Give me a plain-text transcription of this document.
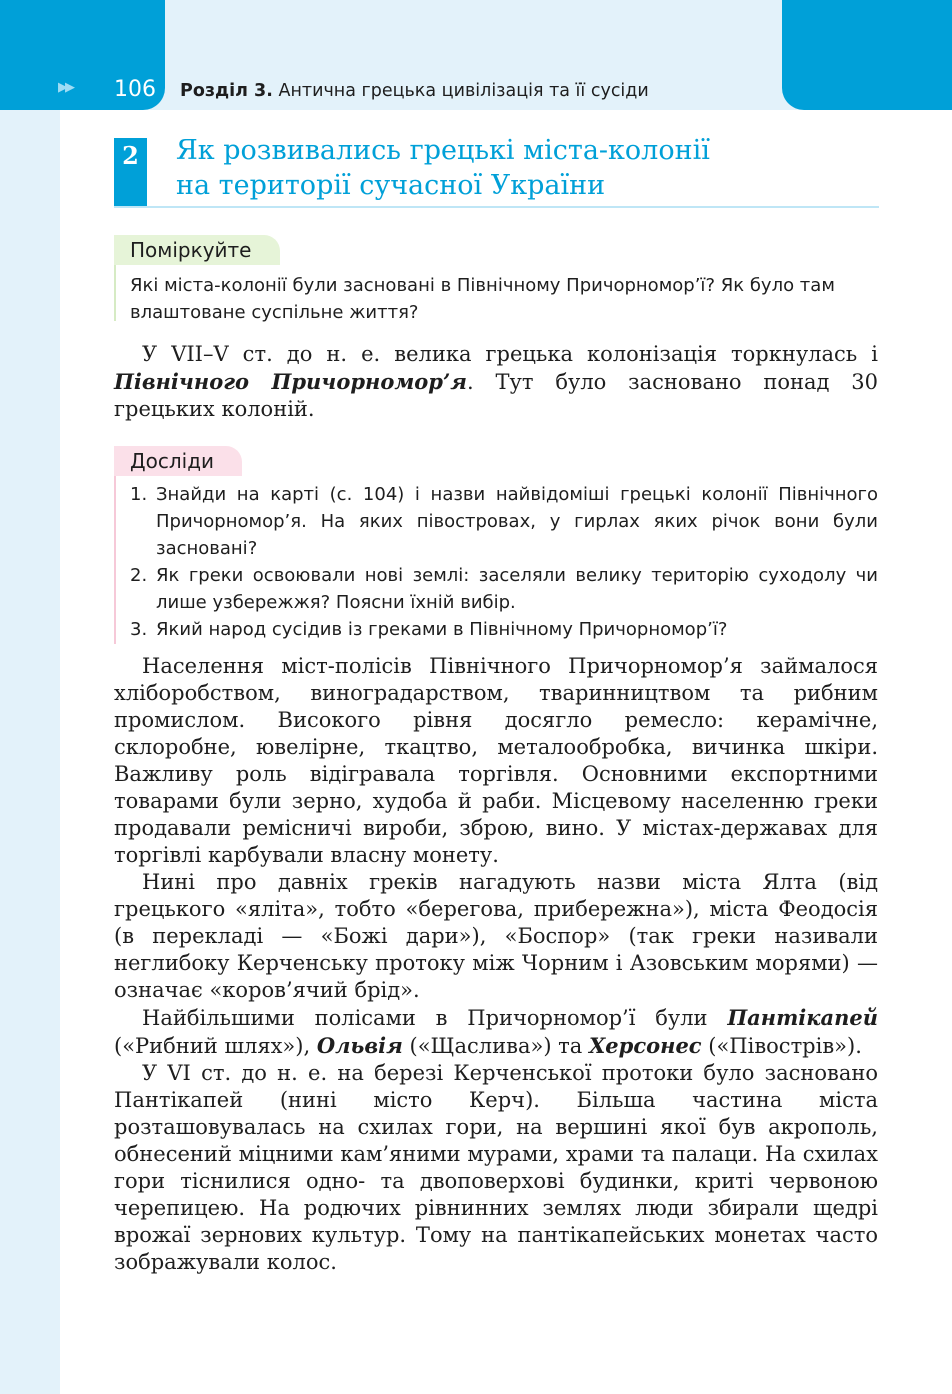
▶▶ 106 Розділ 3. Антична грецька цивілізація та її сусіди
2	Як розвивались грецькі міста-колонії
на території сучасної України
Поміркуйте
Які міста-колонії були засновані в Північному Причорномор’ї? Як було там влаштоване суспільне життя?

У VII–V ст. до н. е. велика грецька колонізація торкнулась і Північного Причорномор’я. Тут було засновано понад 30 грецьких колоній.

Досліди
1. Знайди на карті (с. 104) і назви найвідоміші грецькі колонії Північного Причорномор’я. На яких півостровах, у гирлах яких річок вони були засновані?
2. Як греки освоювали нові землі: заселяли велику територію суходолу чи лише узбережжя? Поясни їхній вибір.
3. Який народ сусідив із греками в Північному Причорномор’ї?

Населення міст-полісів Північного Причорномор’я займалося хліборобством, виноградарством, тваринництвом та рибним промислом. Високого рівня досягло ремесло: керамічне, склоробне, ювелірне, ткацтво, металообробка, вичинка шкіри. Важливу роль відігравала торгівля. Основними експортними товарами були зерно, худоба й раби. Місцевому населенню греки продавали ремісничі вироби, зброю, вино. У містах-державах для торгівлі карбували власну монету.

Нині про давніх греків нагадують назви міста Ялта (від грецького «яліта», тобто «берегова, прибережна»), міста Феодосія (в перекладі — «Божі дари»), «Боспор» (так греки називали неглибоку Керченську протоку між Чорним і Азовським морями) — означає «коров’ячий брід».

Найбільшими полісами в Причорномор’ї були Пантікапей («Рибний шлях»), Ольвія («Щаслива») та Херсонес («Півострів»).

У VI ст. до н. е. на березі Керченської протоки було засновано Пантікапей (нині місто Керч). Більша частина міста розташовувалась на схилах гори, на вершині якої був акрополь, обнесений міцними кам’яними мурами, храми та палаци. На схилах гори тіснилися одно- та двоповерхові будинки, криті червоною черепицею. На родючих рівнинних землях люди збирали щедрі врожаї зернових культур. Тому на пантікапейських монетах часто зображували колос.
